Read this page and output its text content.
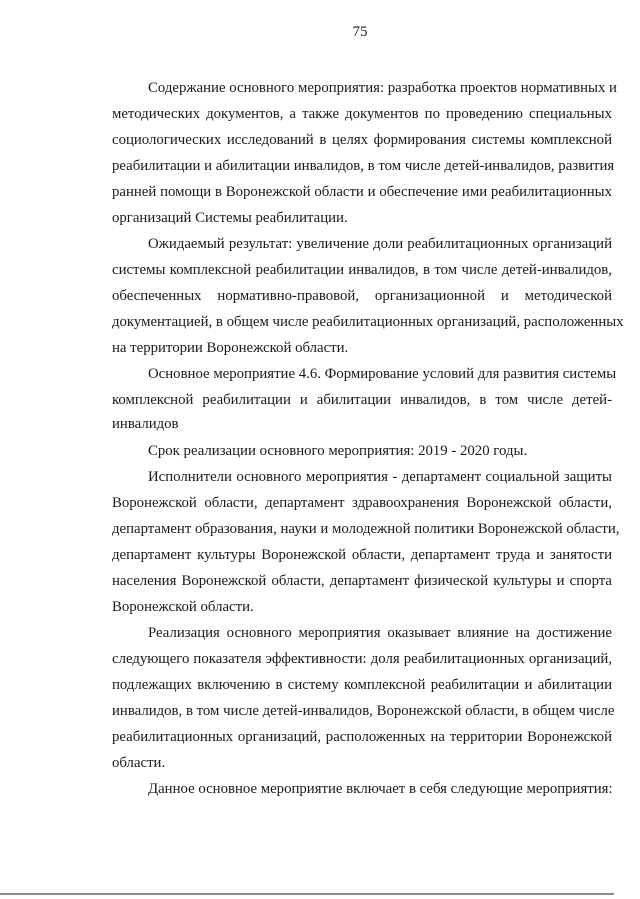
75
Содержание основного мероприятия: разработка проектов нормативных и
методических документов, а также документов по проведению специальных
социологических исследований в целях формирования системы комплексной
реабилитации и абилитации инвалидов, в том числе детей-инвалидов, развития
ранней помощи в Воронежской области и обеспечение ими реабилитационных
организаций Системы реабилитации.
Ожидаемый результат: увеличение доли реабилитационных организаций
системы комплексной реабилитации инвалидов, в том числе детей-инвалидов,
обеспеченных нормативно-правовой, организационной и методической
документацией, в общем числе реабилитационных организаций, расположенных
на территории Воронежской области.
Основное мероприятие 4.6. Формирование условий для развития системы
комплексной реабилитации и абилитации инвалидов, в том числе детей-
инвалидов
Срок реализации основного мероприятия: 2019 - 2020 годы.
Исполнители основного мероприятия - департамент социальной защиты
Воронежской области, департамент здравоохранения Воронежской области,
департамент образования, науки и молодежной политики Воронежской области,
департамент культуры Воронежской области, департамент труда и занятости
населения Воронежской области, департамент физической культуры и спорта
Воронежской области.
Реализация основного мероприятия оказывает влияние на достижение
следующего показателя эффективности: доля реабилитационных организаций,
подлежащих включению в систему комплексной реабилитации и абилитации
инвалидов, в том числе детей-инвалидов, Воронежской области, в общем числе
реабилитационных организаций, расположенных на территории Воронежской
области.
Данное основное мероприятие включает в себя следующие мероприятия:
